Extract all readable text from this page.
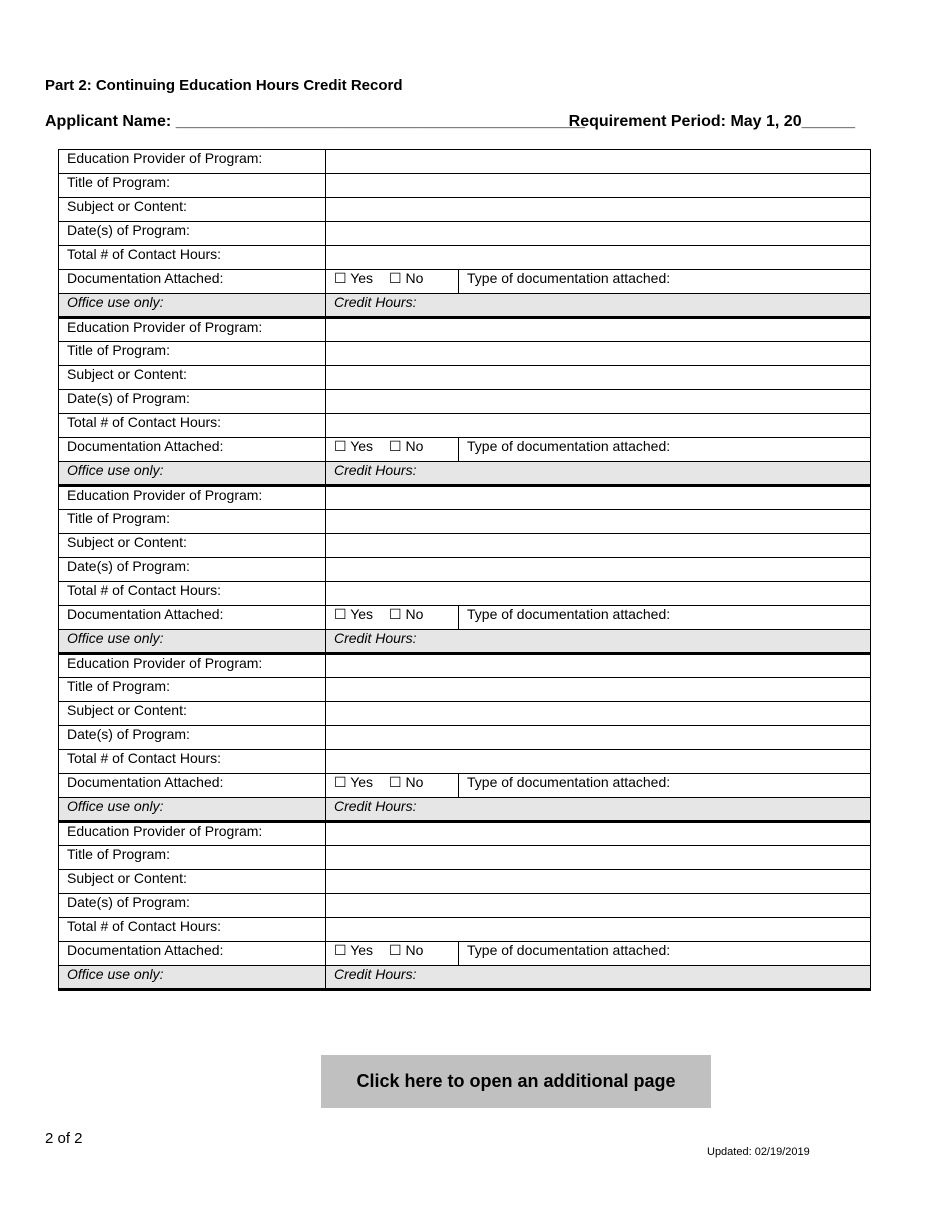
Part 2: Continuing Education Hours Credit Record
Applicant Name: ______________________________________________
Requirement Period: May 1, 20______
Education Provider of Program:		
Title of Program:		
Subject or Content:		
Date(s) of Program:		
Total # of Contact Hours:		
Documentation Attached:	☐ Yes ☐ No	Type of documentation attached:
Office use only:	Credit Hours:	
Education Provider of Program:		
Title of Program:		
Subject or Content:		
Date(s) of Program:		
Total # of Contact Hours:		
Documentation Attached:	☐ Yes ☐ No	Type of documentation attached:
Office use only:	Credit Hours:	
Education Provider of Program:		
Title of Program:		
Subject or Content:		
Date(s) of Program:		
Total # of Contact Hours:		
Documentation Attached:	☐ Yes ☐ No	Type of documentation attached:
Office use only:	Credit Hours:	
Education Provider of Program:		
Title of Program:		
Subject or Content:		
Date(s) of Program:		
Total # of Contact Hours:		
Documentation Attached:	☐ Yes ☐ No	Type of documentation attached:
Office use only:	Credit Hours:	
Education Provider of Program:		
Title of Program:		
Subject or Content:		
Date(s) of Program:		
Total # of Contact Hours:		
Documentation Attached:	☐ Yes ☐ No	Type of documentation attached:
Office use only:	Credit Hours:	
Click here to open an additional page
2 of 2
Updated: 02/19/2019
